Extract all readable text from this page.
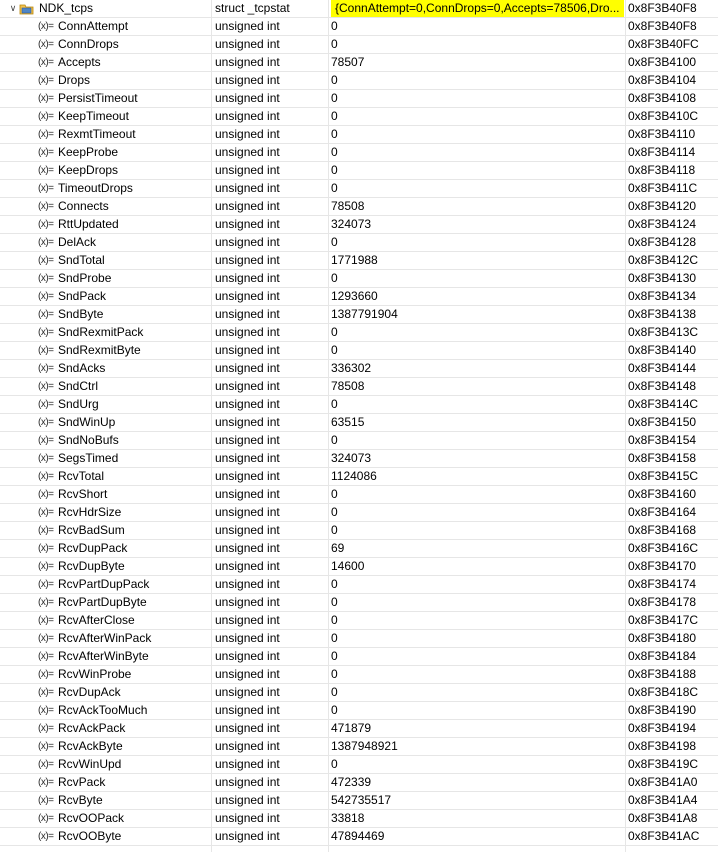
∨ NDK_tcps	struct _tcpstat	{ConnAttempt=0,ConnDrops=0,Accepts=78506,Dro... 0x8F3B40F8
(x)= ConnAttempt	unsigned int	0	0x8F3B40F8
(x)= ConnDrops	unsigned int	0	0x8F3B40FC
(x)= Accepts	unsigned int	78507	0x8F3B4100
(x)= Drops	unsigned int	0	0x8F3B4104
(x)= PersistTimeout	unsigned int	0	0x8F3B4108
(x)= KeepTimeout	unsigned int	0	0x8F3B410C
(x)= RexmtTimeout	unsigned int	0	0x8F3B4110
(x)= KeepProbe	unsigned int	0	0x8F3B4114
(x)= KeepDrops	unsigned int	0	0x8F3B4118
(x)= TimeoutDrops	unsigned int	0	0x8F3B411C
(x)= Connects	unsigned int	78508	0x8F3B4120
(x)= RttUpdated	unsigned int	324073	0x8F3B4124
(x)= DelAck	unsigned int	0	0x8F3B4128
(x)= SndTotal	unsigned int	1771988	0x8F3B412C
(x)= SndProbe	unsigned int	0	0x8F3B4130
(x)= SndPack	unsigned int	1293660	0x8F3B4134
(x)= SndByte	unsigned int	1387791904	0x8F3B4138
(x)= SndRexmitPack	unsigned int	0	0x8F3B413C
(x)= SndRexmitByte	unsigned int	0	0x8F3B4140
(x)= SndAcks	unsigned int	336302	0x8F3B4144
(x)= SndCtrl	unsigned int	78508	0x8F3B4148
(x)= SndUrg	unsigned int	0	0x8F3B414C
(x)= SndWinUp	unsigned int	63515	0x8F3B4150
(x)= SndNoBufs	unsigned int	0	0x8F3B4154
(x)= SegsTimed	unsigned int	324073	0x8F3B4158
(x)= RcvTotal	unsigned int	1124086	0x8F3B415C
(x)= RcvShort	unsigned int	0	0x8F3B4160
(x)= RcvHdrSize	unsigned int	0	0x8F3B4164
(x)= RcvBadSum	unsigned int	0	0x8F3B4168
(x)= RcvDupPack	unsigned int	69	0x8F3B416C
(x)= RcvDupByte	unsigned int	14600	0x8F3B4170
(x)= RcvPartDupPack	unsigned int	0	0x8F3B4174
(x)= RcvPartDupByte	unsigned int	0	0x8F3B4178
(x)= RcvAfterClose	unsigned int	0	0x8F3B417C
(x)= RcvAfterWinPack	unsigned int	0	0x8F3B4180
(x)= RcvAfterWinByte	unsigned int	0	0x8F3B4184
(x)= RcvWinProbe	unsigned int	0	0x8F3B4188
(x)= RcvDupAck	unsigned int	0	0x8F3B418C
(x)= RcvAckTooMuch	unsigned int	0	0x8F3B4190
(x)= RcvAckPack	unsigned int	471879	0x8F3B4194
(x)= RcvAckByte	unsigned int	1387948921	0x8F3B4198
(x)= RcvWinUpd	unsigned int	0	0x8F3B419C
(x)= RcvPack	unsigned int	472339	0x8F3B41A0
(x)= RcvByte	unsigned int	542735517	0x8F3B41A4
(x)= RcvOOPack	unsigned int	33818	0x8F3B41A8
(x)= RcvOOByte	unsigned int	47894469	0x8F3B41AC
